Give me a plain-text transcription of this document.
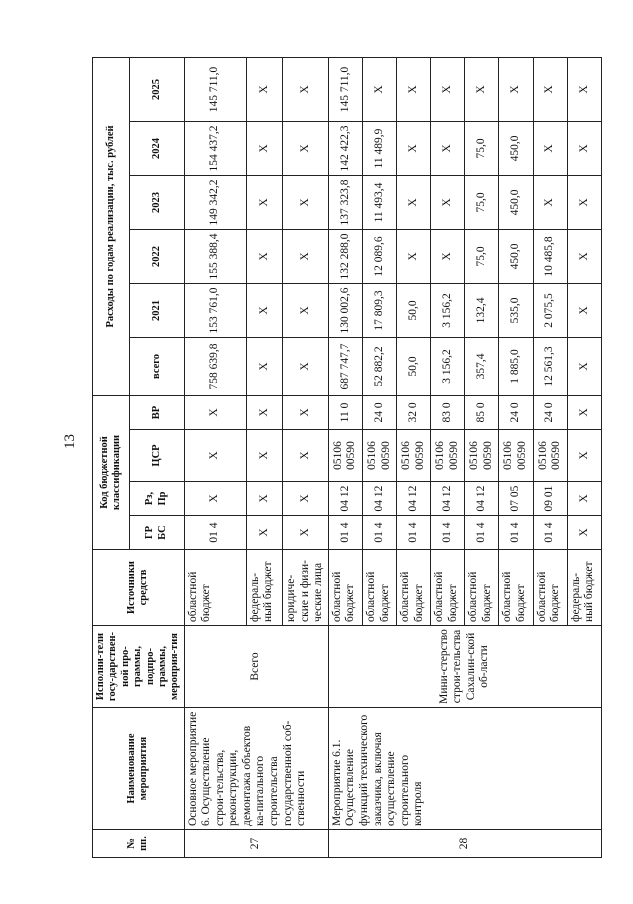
13
№ пп.	Наименование мероприятия	Исполни-тели госу-дарствен-ной про-граммы, подпро-граммы, мероприя-тия	Источники средств	Код бюджетной классификации				Расходы по годам реализации, тыс. рублей					
				ГР БС	Рз, Пр	ЦСР	ВР	всего	2021	2022	2023	2024	2025
27	Основное мероприятие 6. Осуществление строи-тельства, реконструкции, демонтажа объектов ка-питального строительства государственной соб-ственности	Всего	областной бюджет	01 4	Х	Х	Х	758 639,8	153 761,0	155 388,4	149 342,2	154 437,2	145 711,0
			федераль-ный бюджет	Х	Х	Х	Х	Х	Х	Х	Х	Х	Х
			юридиче-ские и физи-ческие лица	Х	Х	Х	Х	Х	Х	Х	Х	Х	Х
28	Мероприятие 6.1. Осуществление функций технического заказчика, включая осуществление строительного контроля	Мини-стерство строи-тельства Сахалин-ской об-ласти	областной бюджет	01 4	04 12	05106 00590	11 0	687 747,7	130 002,6	132 288,0	137 323,8	142 422,3	145 711,0
			областной бюджет	01 4	04 12	05106 00590	24 0	52 882,2	17 809,3	12 089,6	11 493,4	11 489,9	Х
			областной бюджет	01 4	04 12	05106 00590	32 0	50,0	50,0	Х	Х	Х	Х
			областной бюджет	01 4	04 12	05106 00590	83 0	3 156,2	3 156,2	Х	Х	Х	Х
			областной бюджет	01 4	04 12	05106 00590	85 0	357,4	132,4	75,0	75,0	75,0	Х
			областной бюджет	01 4	07 05	05106 00590	24 0	1 885,0	535,0	450,0	450,0	450,0	Х
			областной бюджет	01 4	09 01	05106 00590	24 0	12 561,3	2 075,5	10 485,8	Х	Х	Х
			федераль-ный бюджет	Х	Х	Х	Х	Х	Х	Х	Х	Х	Х
